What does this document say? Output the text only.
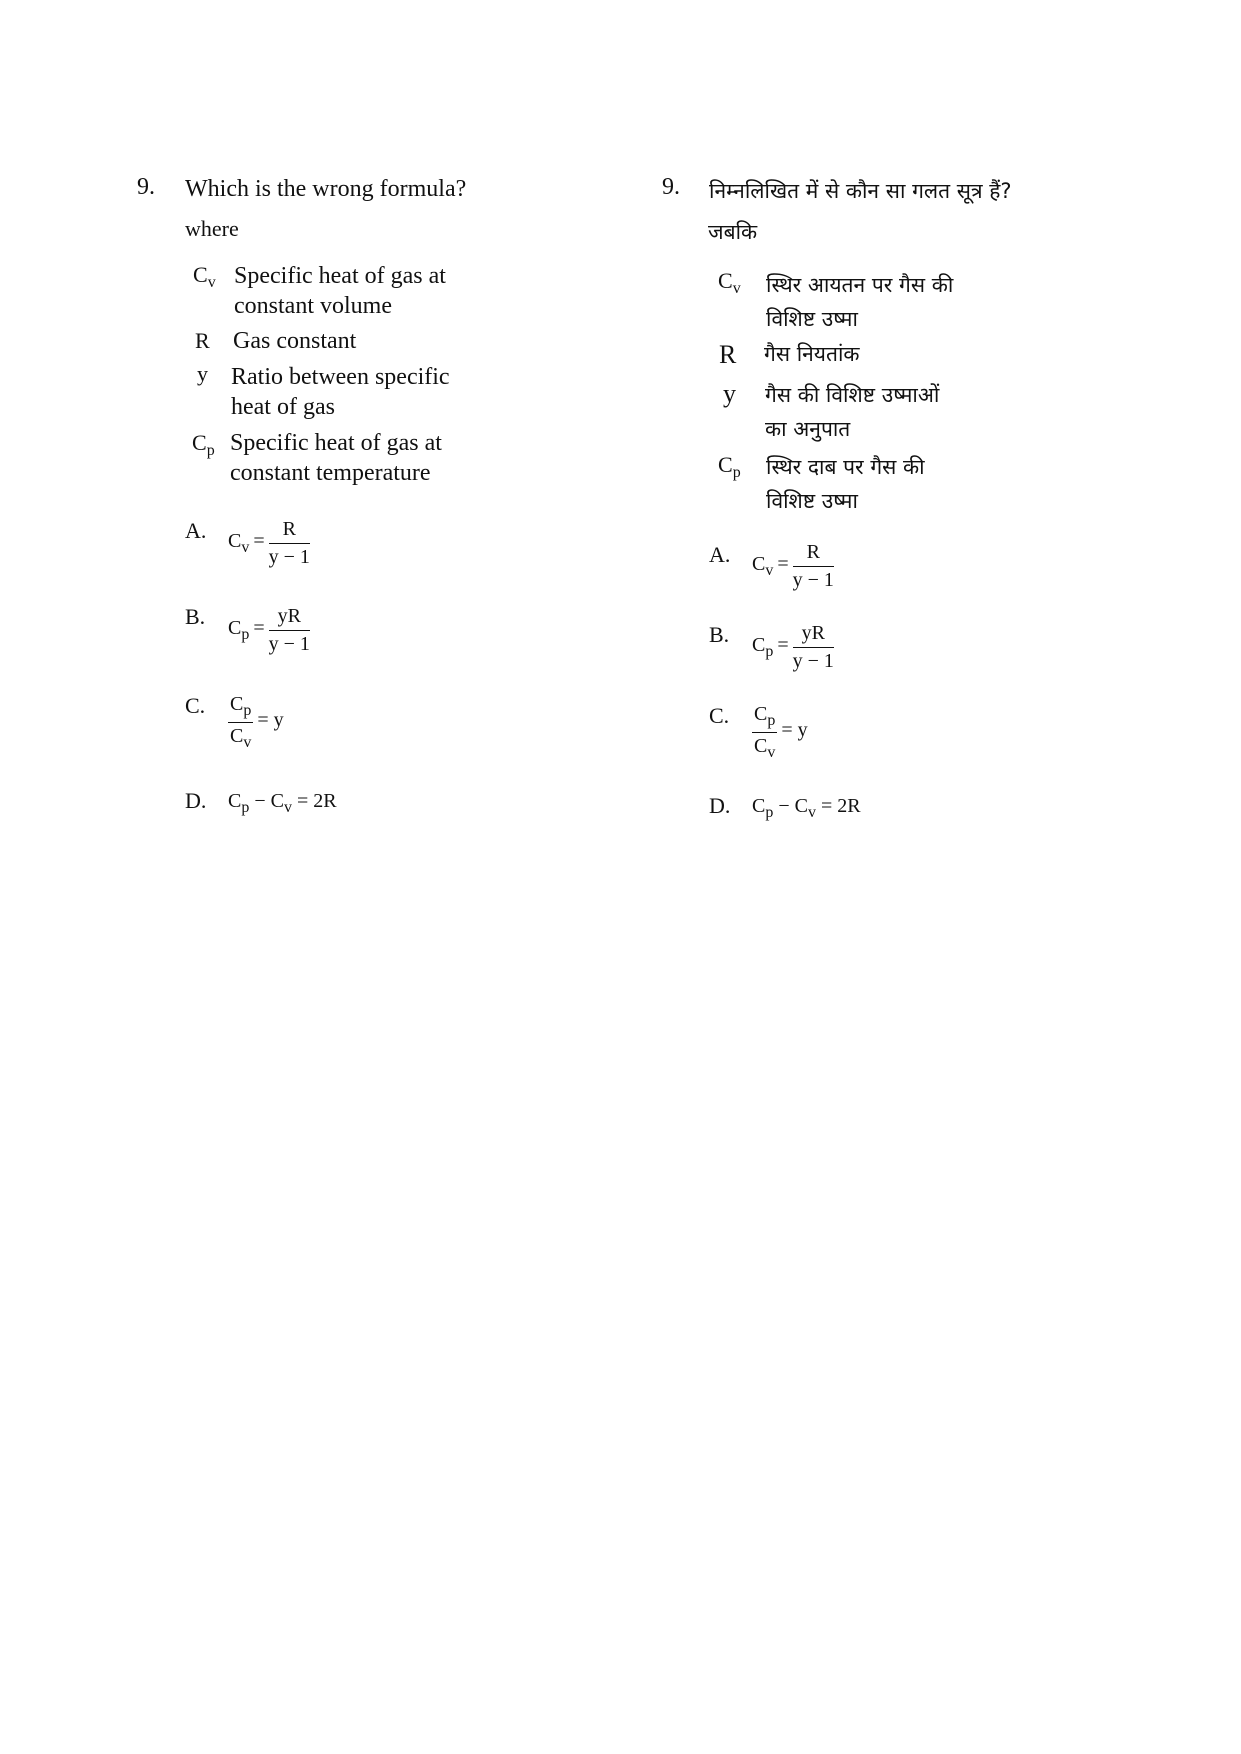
9. Which is the wrong formula?
where
$C_v$ Specific heat of gas at
constant volume
R Gas constant
y Ratio between specific
heat of gas
$C_p$ Specific heat of gas at
constant temperature
A. $C_v = \frac{R}{y - 1}$
B. $C_p = \frac{yR}{y - 1}$
C. $\frac{C_p}{C_v} = y$
D. $C_p - C_v = 2R$
9. निम्नलिखित में से कौन सा गलत सूत्र हैं?
जबकि
$C_v$ स्थिर आयतन पर गैस की
विशिष्ट उष्मा
R गैस नियतांक
y गैस की विशिष्ट उष्माओं
का अनुपात
$C_p$ स्थिर दाब पर गैस की
विशिष्ट उष्मा
A. $C_v = \frac{R}{y - 1}$
B. $C_p = \frac{yR}{y - 1}$
C. $\frac{C_p}{C_v} = y$
D. $C_p - C_v = 2R$
